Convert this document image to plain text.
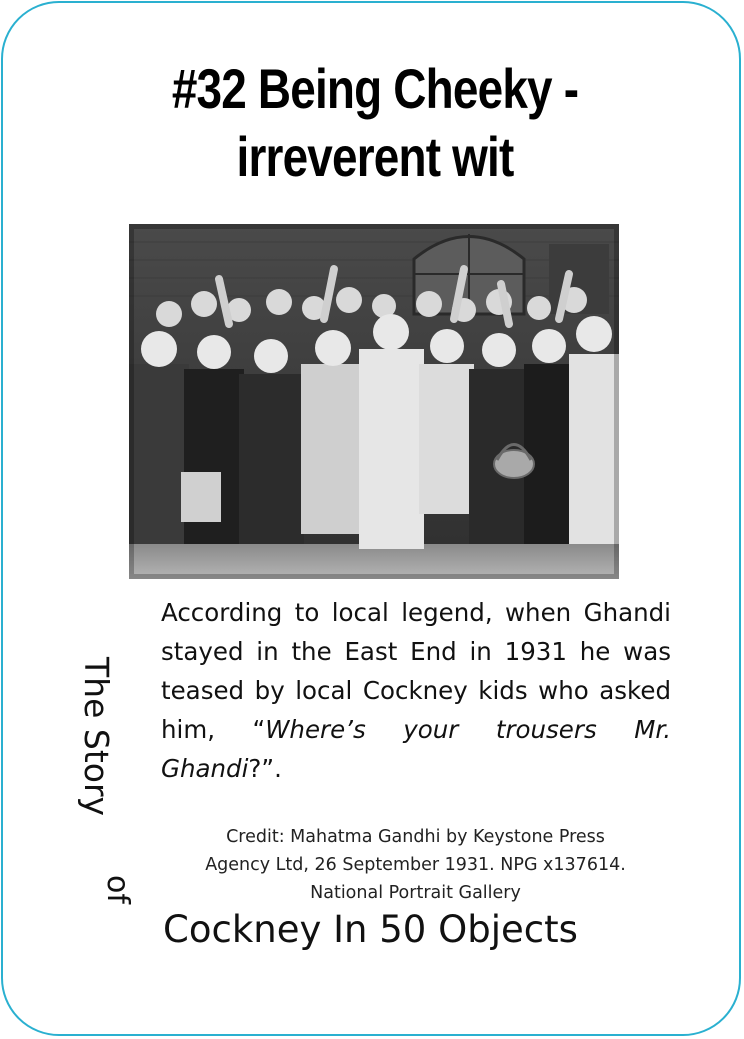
#32 Being Cheeky -
irreverent wit
According to local legend, when Ghandi stayed in the East End in 1931 he was teased by local Cockney kids who asked him, “Where’s your trousers Mr. Ghandi?”.
Credit: Mahatma Gandhi by Keystone Press
Agency Ltd, 26 September 1931. NPG x137614.
National Portrait Gallery
The Story
of
Cockney In 50 Objects
